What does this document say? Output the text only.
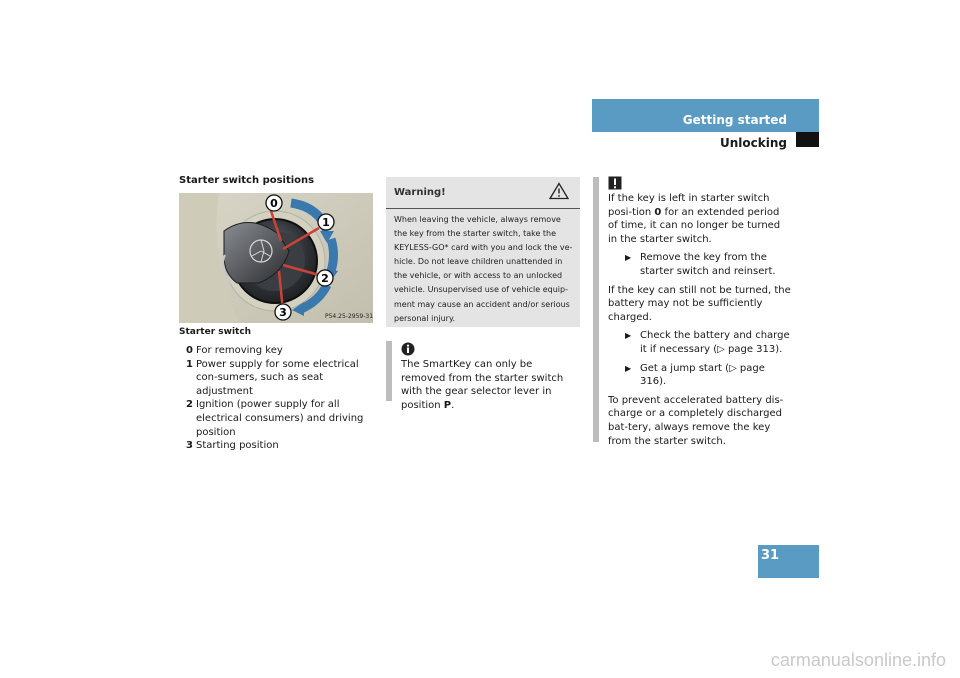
Getting started
Unlocking
Starter switch positions
0
1
2
3	P54.25-2959-31
Starter switch
0 For removing key
1 Power supply for some electrical con-sumers, such as seat adjustment
2 Ignition (power supply for all electrical consumers) and driving position
3 Starting position
Warning!
When leaving the vehicle, always remove the key from the starter switch, take the KEYLESS-GO* card with you and lock the ve-hicle. Do not leave children unattended in the vehicle, or with access to an unlocked vehicle. Unsupervised use of vehicle equip-ment may cause an accident and/or serious personal injury.
The SmartKey can only be removed from the starter switch with the gear selector lever in position P.

If the key is left in starter switch posi-tion 0 for an extended period of time, it can no longer be turned in the starter switch.

▶ Remove the key from the starter switch and reinsert.

If the key can still not be turned, the battery may not be sufficiently charged.

▶ Check the battery and charge it if necessary (▷ page 313).
▶ Get a jump start (▷ page 316).

To prevent accelerated battery dis-charge or a completely discharged bat-tery, always remove the key from the starter switch.

31
carmanualsonline.info
